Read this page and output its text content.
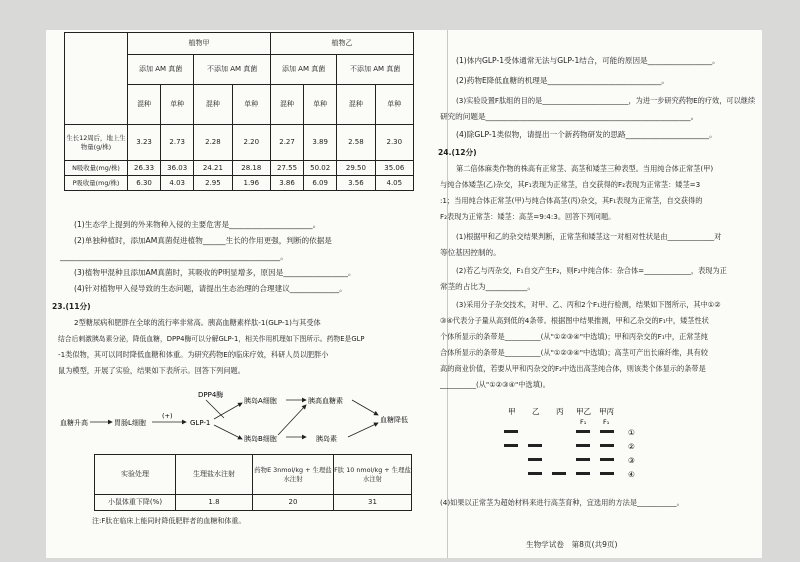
	植物甲				植物乙			
	添加 AM 真菌		不添加 AM 真菌		添加 AM 真菌		不添加 AM 真菌	
	混种	单种	混种	单种	混种	单种	混种	单种
生长12周后，地上生物量(g/株)	3.23	2.73	2.28	2.20	2.27	3.89	2.58	2.30
N吸收量(mg/株)	26.33	36.03	24.21	28.18	27.55	50.02	29.50	35.06
P吸收量(mg/株)	6.30	4.03	2.95	1.96	3.86	6.09	3.56	4.05
(1)生态学上提到的外来物种入侵的主要危害是______________________。
(2)单独种植时，添加AM真菌促进植物______生长的作用更强，判断的依据是
__________________________________________________________。
(3)植物甲混种且添加AM真菌时，其吸收的P明显增多，原因是_________________。
(4)针对植物甲入侵导致的生态问题，请提出生态治理的合理建议_____________。
23.(11分)
2型糖尿病和肥胖在全球的流行率非常高。胰高血糖素样肽-1(GLP-1)与其受体
结合后刺激胰岛素分泌，降低血糖，DPP4酶可以分解GLP-1，相关作用机理如下图所示。药物E是GLP
-1类似物，其可以同时降低血糖和体重。为研究药物E的临床疗效，科研人员以肥胖小
鼠为模型，开展了实验，结果如下表所示。回答下列问题。
DPP4酶
血糖升高	胃肠L细胞
(+)
GLP-1
胰岛A细胞
胰岛B细胞
胰高血糖素
胰岛素
血糖降低
实验处理	生理盐水注射	药物E 3nmol/kg + 生理盐水注射	F肽 10 nmol/kg + 生理盐水注射
小鼠体重下降(%)	1.8	20	31
注:F肽在临床上能同时降低肥胖者的血糖和体重。
(1)体内GLP-1受体通常无法与GLP-1结合，可能的原因是_________________。
(2)药物E降低血糖的机理是______________________________。
(3)实验设置F肽组的目的是________________________，为进一步研究药物E的疗效，可以继续
研究的问题是______________________________________________________。
(4)除GLP-1类似物，请提出一个新药物研发的思路______________________。
24.(12分)
第二倍体麻类作物的株高有正常茎、高茎和矮茎三种表型。当用纯合体正常茎(甲)
与纯合体矮茎(乙)杂交，其F₁表现为正常茎，自交获得的F₂表现为正常茎：矮茎=3
:1；当用纯合体正常茎(甲)与纯合体高茎(丙)杂交，其F₁表现为正常茎，自交获得的
F₂表现为正常茎：矮茎：高茎=9:4:3。回答下列问题。
(1)根据甲和乙的杂交结果判断，正常茎和矮茎这一对相对性状是由_____________对
等位基因控制的。
(2)若乙与丙杂交，F₁自交产生F₂，则F₂中纯合体：杂合体=_____________，表现为正
常茎的占比为___________。
(3)采用分子杂交技术，对甲、乙、丙和2个F₁进行检测，结果如下图所示，其中①②
③④代表分子量从高到低的4条带。根据图中结果推测，甲和乙杂交的F₁中，矮茎性状
个体所显示的条带是__________(从"①②③④"中选填)；甲和丙杂交的F₁中，正常茎纯
合体所显示的条带是__________(从"①②③④"中选填)；高茎可产出长麻纤维，具有较
高的商业价值，若要从甲和丙杂交的F₂中选出高茎纯合体，则该类个体显示的条带是
__________(从"①②③④"中选填)。
甲 乙 丙 甲乙 甲丙
F₁	F₁
①
②
③
④
(4)如果以正常茎为超始材料来进行高茎育种，宜选用的方法是___________。
生物学试卷　第8页(共9页)
